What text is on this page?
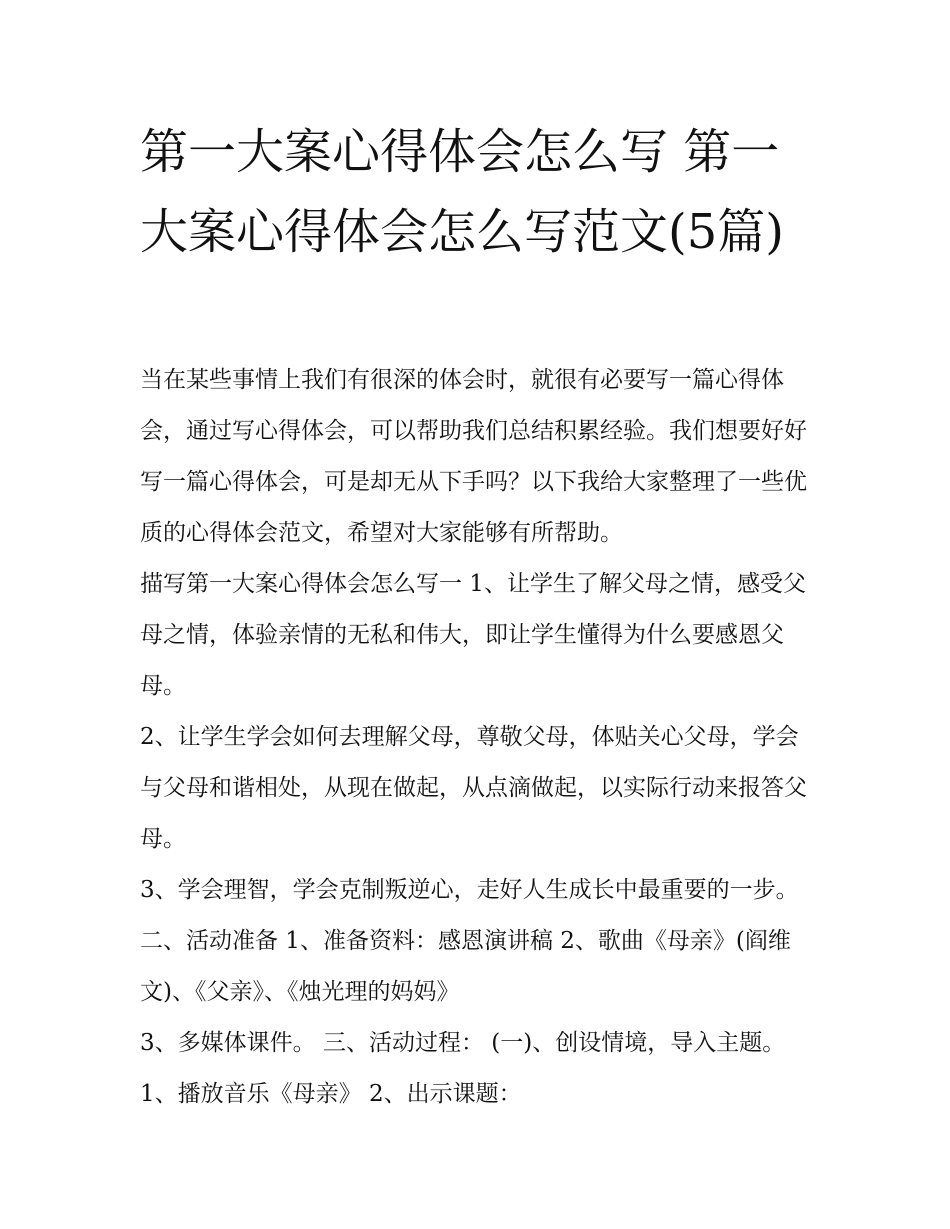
第一大案心得体会怎么写 第一大案心得体会怎么写范文(5篇)

当在某些事情上我们有很深的体会时，就很有必要写一篇心得体会，通过写心得体会，可以帮助我们总结积累经验。我们想要好好写一篇心得体会，可是却无从下手吗？以下我给大家整理了一些优质的心得体会范文，希望对大家能够有所帮助。

描写第一大案心得体会怎么写一 1、让学生了解父母之情，感受父母之情，体验亲情的无私和伟大，即让学生懂得为什么要感恩父母。

2、让学生学会如何去理解父母，尊敬父母，体贴关心父母，学会与父母和谐相处，从现在做起，从点滴做起，以实际行动来报答父母。

3、学会理智，学会克制叛逆心，走好人生成长中最重要的一步。 二、活动准备 1、准备资料：感恩演讲稿 2、歌曲《母亲》(阎维文)、《父亲》、《烛光理的妈妈》

3、多媒体课件。 三、活动过程： (一)、创设情境，导入主题。 1、播放音乐《母亲》 2、出示课题：
